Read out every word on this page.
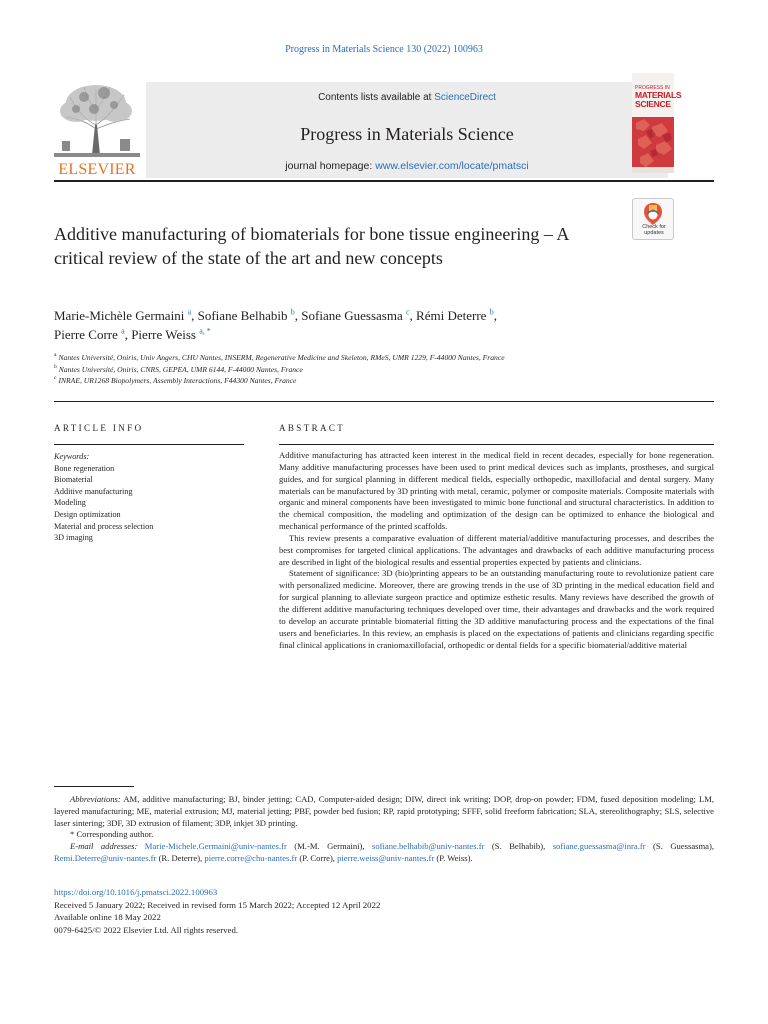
Progress in Materials Science 130 (2022) 100963
ELSEVIER
Contents lists available at ScienceDirect
Progress in Materials Science
journal homepage: www.elsevier.com/locate/pmatsci
PROGRESS IN
MATERIALS
SCIENCE
Check for
updates
Additive manufacturing of biomaterials for bone tissue engineering – A critical review of the state of the art and new concepts
Marie-Michèle Germaini $^a$, Sofiane Belhabib $^b$, Sofiane Guessasma $^c$, Rémi Deterre $^b$,
Pierre Corre $^a$, Pierre Weiss $^{a, *}$
$^a$ Nantes Université, Oniris, Univ Angers, CHU Nantes, INSERM, Regenerative Medicine and Skeleton, RMeS, UMR 1229, F-44000 Nantes, France
$^b$ Nantes Université, Oniris, CNRS, GEPEA, UMR 6144, F-44000 Nantes, France
$^c$ INRAE, UR1268 Biopolymers, Assembly Interactions, F44300 Nantes, France
ARTICLE INFO
Keywords:
Bone regeneration
Biomaterial
Additive manufacturing
Modeling
Design optimization
Material and process selection
3D imaging
ABSTRACT

Additive manufacturing has attracted keen interest in the medical field in recent decades, especially for bone regeneration. Many additive manufacturing processes have been used to print medical devices such as implants, prostheses, and surgical guides, and for surgical planning in different medical fields, especially orthopedic, maxillofacial and dental surgery. Many materials can be manufactured by 3D printing with metal, ceramic, polymer or composite materials. Composite materials with organic and mineral components have been investigated to mimic bone functional and structural characteristics. In addition to the chemical composition, the modeling and optimization of the design can be optimized to enhance the biological and mechanical performance of the printed scaffolds.

This review presents a comparative evaluation of different material/additive manufacturing processes, and describes the best compromises for targeted clinical applications. The advantages and drawbacks of each additive manufacturing process are described in light of the biological results and essential properties expected by patients and clinicians.

Statement of significance: 3D (bio)printing appears to be an outstanding manufacturing route to revolutionize patient care with personalized medicine. Moreover, there are growing trends in the use of 3D printing in the medical education field and for surgical planning to alleviate surgeon practice and optimize esthetic results. Many reviews have described the growth of the different additive manufacturing techniques developed over time, their advantages and drawbacks and the work required to develop an accurate printable biomaterial fitting the 3D additive manufacturing process and the expectations of the final users and beneficiaries. In this review, an emphasis is placed on the expectations of patients and clinicians regarding specific final clinical applications in craniomaxillofacial, orthopedic or dental fields for a specific biomaterial/additive material

Abbreviations: AM, additive manufacturing; BJ, binder jetting; CAD, Computer-aided design; DIW, direct ink writing; DOP, drop-on powder; FDM, fused deposition modeling; LM, layered manufacturing; ME, material extrusion; MJ, material jetting; PBF, powder bed fusion; RP, rapid prototyping; SFFF, solid freeform fabrication; SLA, stereolithography; SLS, selective laser sintering; 3DF, 3D extrusion of filament; 3DP, inkjet 3D printing.

* Corresponding author.

E-mail addresses: Marie-Michele.Germaini@univ-nantes.fr (M.-M. Germaini), sofiane.belhabib@univ-nantes.fr (S. Belhabib), sofiane.guessasma@inra.fr (S. Guessasma), Remi.Deterre@univ-nantes.fr (R. Deterre), pierre.corre@chu-nantes.fr (P. Corre), pierre.weiss@univ-nantes.fr (P. Weiss).

https://doi.org/10.1016/j.pmatsci.2022.100963
Received 5 January 2022; Received in revised form 15 March 2022; Accepted 12 April 2022
Available online 18 May 2022
0079-6425/© 2022 Elsevier Ltd. All rights reserved.
